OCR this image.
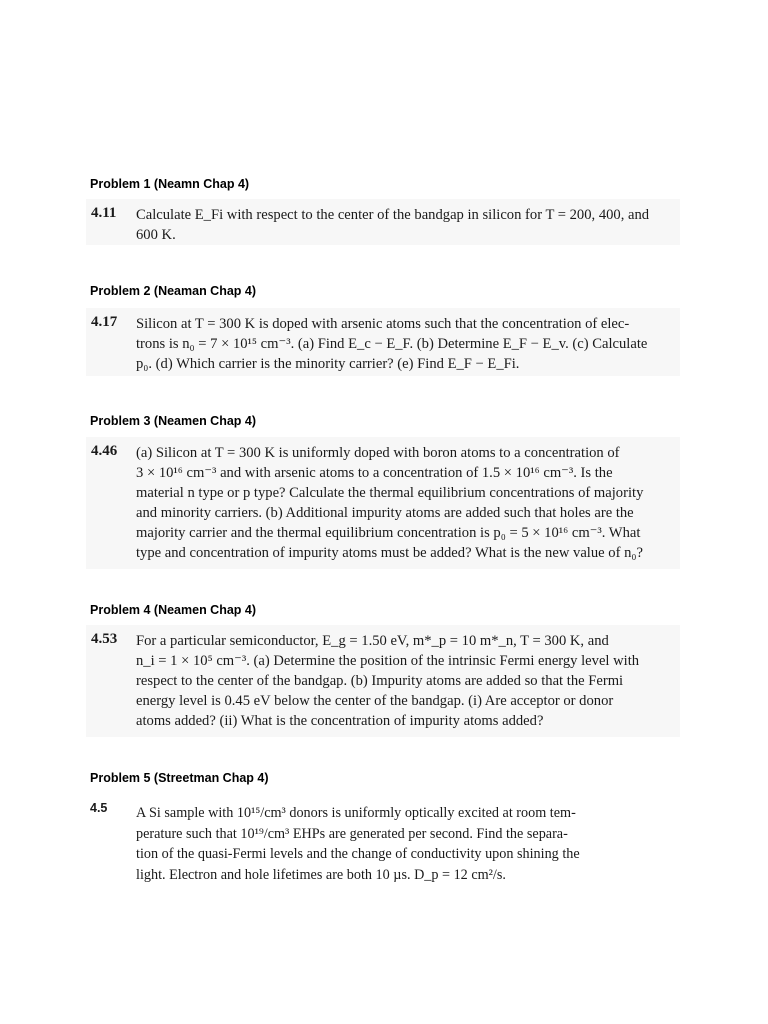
Problem 1 (Neamn Chap 4)
4.11 Calculate E_Fi with respect to the center of the bandgap in silicon for T = 200, 400, and
600 K.
Problem 2 (Neaman Chap 4)
4.17 Silicon at T = 300 K is doped with arsenic atoms such that the concentration of elec-
trons is n₀ = 7 × 10¹⁵ cm⁻³. (a) Find E_c − E_F. (b) Determine E_F − E_v. (c) Calculate
p₀. (d) Which carrier is the minority carrier? (e) Find E_F − E_Fi.
Problem 3 (Neamen Chap 4)
4.46 (a) Silicon at T = 300 K is uniformly doped with boron atoms to a concentration of
3 × 10¹⁶ cm⁻³ and with arsenic atoms to a concentration of 1.5 × 10¹⁶ cm⁻³. Is the
material n type or p type? Calculate the thermal equilibrium concentrations of majority
and minority carriers. (b) Additional impurity atoms are added such that holes are the
majority carrier and the thermal equilibrium concentration is p₀ = 5 × 10¹⁶ cm⁻³. What
type and concentration of impurity atoms must be added? What is the new value of n₀?
Problem 4 (Neamen Chap 4)
4.53 For a particular semiconductor, E_g = 1.50 eV, m*_p = 10 m*_n, T = 300 K, and
n_i = 1 × 10⁵ cm⁻³. (a) Determine the position of the intrinsic Fermi energy level with
respect to the center of the bandgap. (b) Impurity atoms are added so that the Fermi
energy level is 0.45 eV below the center of the bandgap. (i) Are acceptor or donor
atoms added? (ii) What is the concentration of impurity atoms added?
Problem 5 (Streetman Chap 4)
4.5 A Si sample with 10¹⁵/cm³ donors is uniformly optically excited at room tem-
perature such that 10¹⁹/cm³ EHPs are generated per second. Find the separa-
tion of the quasi-Fermi levels and the change of conductivity upon shining the
light. Electron and hole lifetimes are both 10 µs. D_p = 12 cm²/s.
